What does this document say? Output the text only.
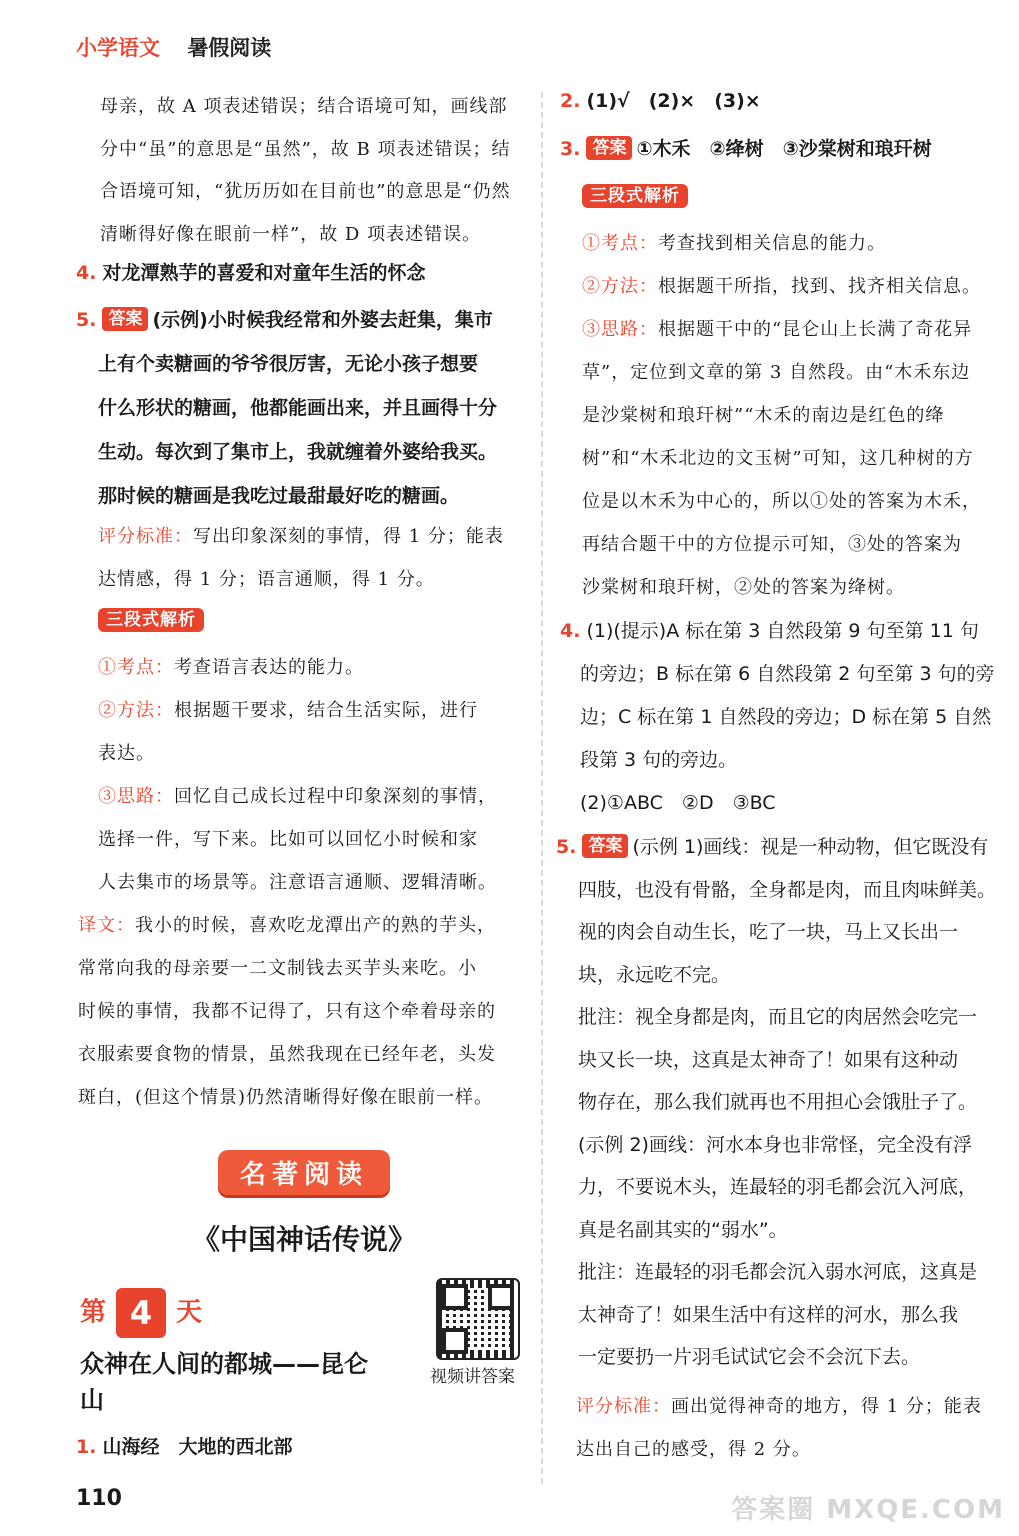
小学语文 暑假阅读

母亲，故 A 项表述错误；结合语境可知，画线部
分中“虽”的意思是“虽然”，故 B 项表述错误；结
合语境可知，“犹历历如在目前也”的意思是“仍然
清晰得好像在眼前一样”，故 D 项表述错误。

4. 对龙潭熟芋的喜爱和对童年生活的怀念

5. 答案 (示例)小时候我经常和外婆去赶集，集市
上有个卖糖画的爷爷很厉害，无论小孩子想要
什么形状的糖画，他都能画出来，并且画得十分
生动。每次到了集市上，我就缠着外婆给我买。
那时候的糖画是我吃过最甜最好吃的糖画。

评分标准：写出印象深刻的事情，得 1 分；能表
达情感，得 1 分；语言通顺，得 1 分。

三段式解析

①考点：考查语言表达的能力。
②方法：根据题干要求，结合生活实际，进行
表达。
③思路：回忆自己成长过程中印象深刻的事情，
选择一件，写下来。比如可以回忆小时候和家
人去集市的场景等。注意语言通顺、逻辑清晰。

译文：我小的时候，喜欢吃龙潭出产的熟的芋头，
常常向我的母亲要一二文制钱去买芋头来吃。小
时候的事情，我都不记得了，只有这个牵着母亲的
衣服索要食物的情景，虽然我现在已经年老，头发
斑白，(但这个情景)仍然清晰得好像在眼前一样。

名著阅读
《中国神话传说》
第 4 天
众神在人间的都城——昆仑山
视频讲答案

1. 山海经　大地的西北部

2. (1)√　(2)×　(3)×

3. 答案 ①木禾　②绛树　③沙棠树和琅玕树

三段式解析

①考点：考查找到相关信息的能力。
②方法：根据题干所指，找到、找齐相关信息。
③思路：根据题干中的“昆仑山上长满了奇花异
草”，定位到文章的第 3 自然段。由“木禾东边
是沙棠树和琅玕树”“木禾的南边是红色的绛
树”和“木禾北边的文玉树”可知，这几种树的方
位是以木禾为中心的，所以①处的答案为木禾，
再结合题干中的方位提示可知，③处的答案为
沙棠树和琅玕树，②处的答案为绛树。

4. (1)(提示)A 标在第 3 自然段第 9 句至第 11 句
的旁边；B 标在第 6 自然段第 2 句至第 3 句的旁
边；C 标在第 1 自然段的旁边；D 标在第 5 自然
段第 3 句的旁边。
(2)①ABC　②D　③BC

5. 答案 (示例 1)画线：视是一种动物，但它既没有
四肢，也没有骨骼，全身都是肉，而且肉味鲜美。
视的肉会自动生长，吃了一块，马上又长出一
块，永远吃不完。
批注：视全身都是肉，而且它的肉居然会吃完一
块又长一块，这真是太神奇了！如果有这种动
物存在，那么我们就再也不用担心会饿肚子了。
(示例 2)画线：河水本身也非常怪，完全没有浮
力，不要说木头，连最轻的羽毛都会沉入河底，
真是名副其实的“弱水”。
批注：连最轻的羽毛都会沉入弱水河底，这真是
太神奇了！如果生活中有这样的河水，那么我
一定要扔一片羽毛试试它会不会沉下去。

评分标准：画出觉得神奇的地方，得 1 分；能表
达出自己的感受，得 2 分。

110	答案圈 MXQE.COM
